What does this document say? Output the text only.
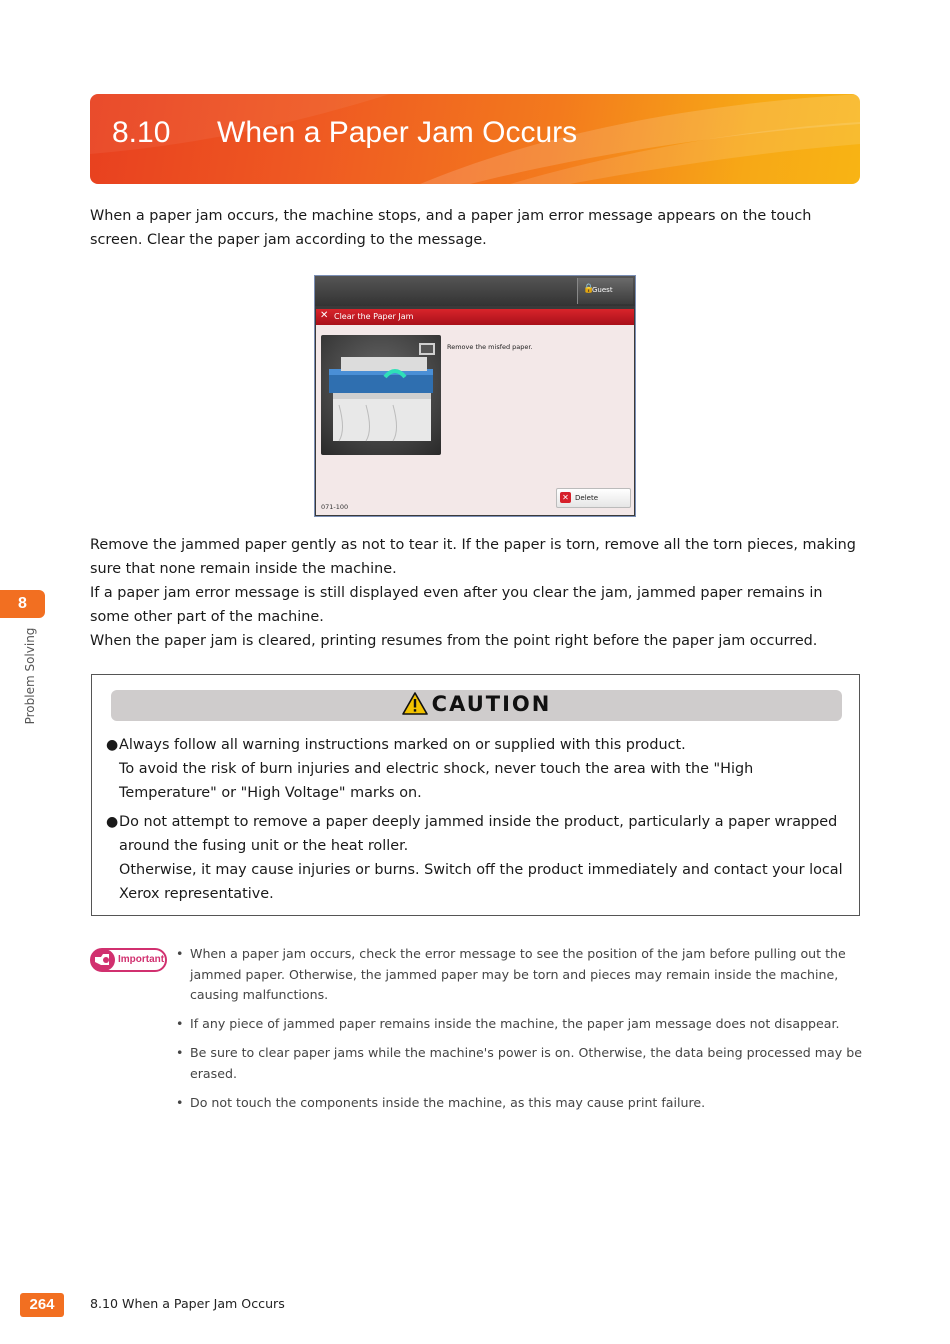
8.10 When a Paper Jam Occurs

When a paper jam occurs, the machine stops, and a paper jam error message appears on the touch screen. Clear the paper jam according to the message.

🔒
Guest
✕ Clear the Paper Jam
Remove the misfed paper.
071-100
✕ Delete

Remove the jammed paper gently as not to tear it. If the paper is torn, remove all the torn pieces, making sure that none remain inside the machine.

If a paper jam error message is still displayed even after you clear the jam, jammed paper remains in some other part of the machine.

When the paper jam is cleared, printing resumes from the point right before the paper jam occurred.

8
Problem Solving	CAUTION
● Always follow all warning instructions marked on or supplied with this product.

To avoid the risk of burn injuries and electric shock, never touch the area with the "High Temperature" or "High Voltage" marks on.

● Do not attempt to remove a paper deeply jammed inside the product, particularly a paper wrapped around the fusing unit or the heat roller.

Otherwise, it may cause injuries or burns. Switch off the product immediately and contact your local Xerox representative.

Important • When a paper jam occurs, check the error message to see the position of the jam before pulling out the jammed paper. Otherwise, the jammed paper may be torn and pieces may remain inside the machine, causing malfunctions.
• If any piece of jammed paper remains inside the machine, the paper jam message does not disappear.
• Be sure to clear paper jams while the machine's power is on. Otherwise, the data being processed may be erased.
• Do not touch the components inside the machine, as this may cause print failure.
264	8.10 When a Paper Jam Occurs
